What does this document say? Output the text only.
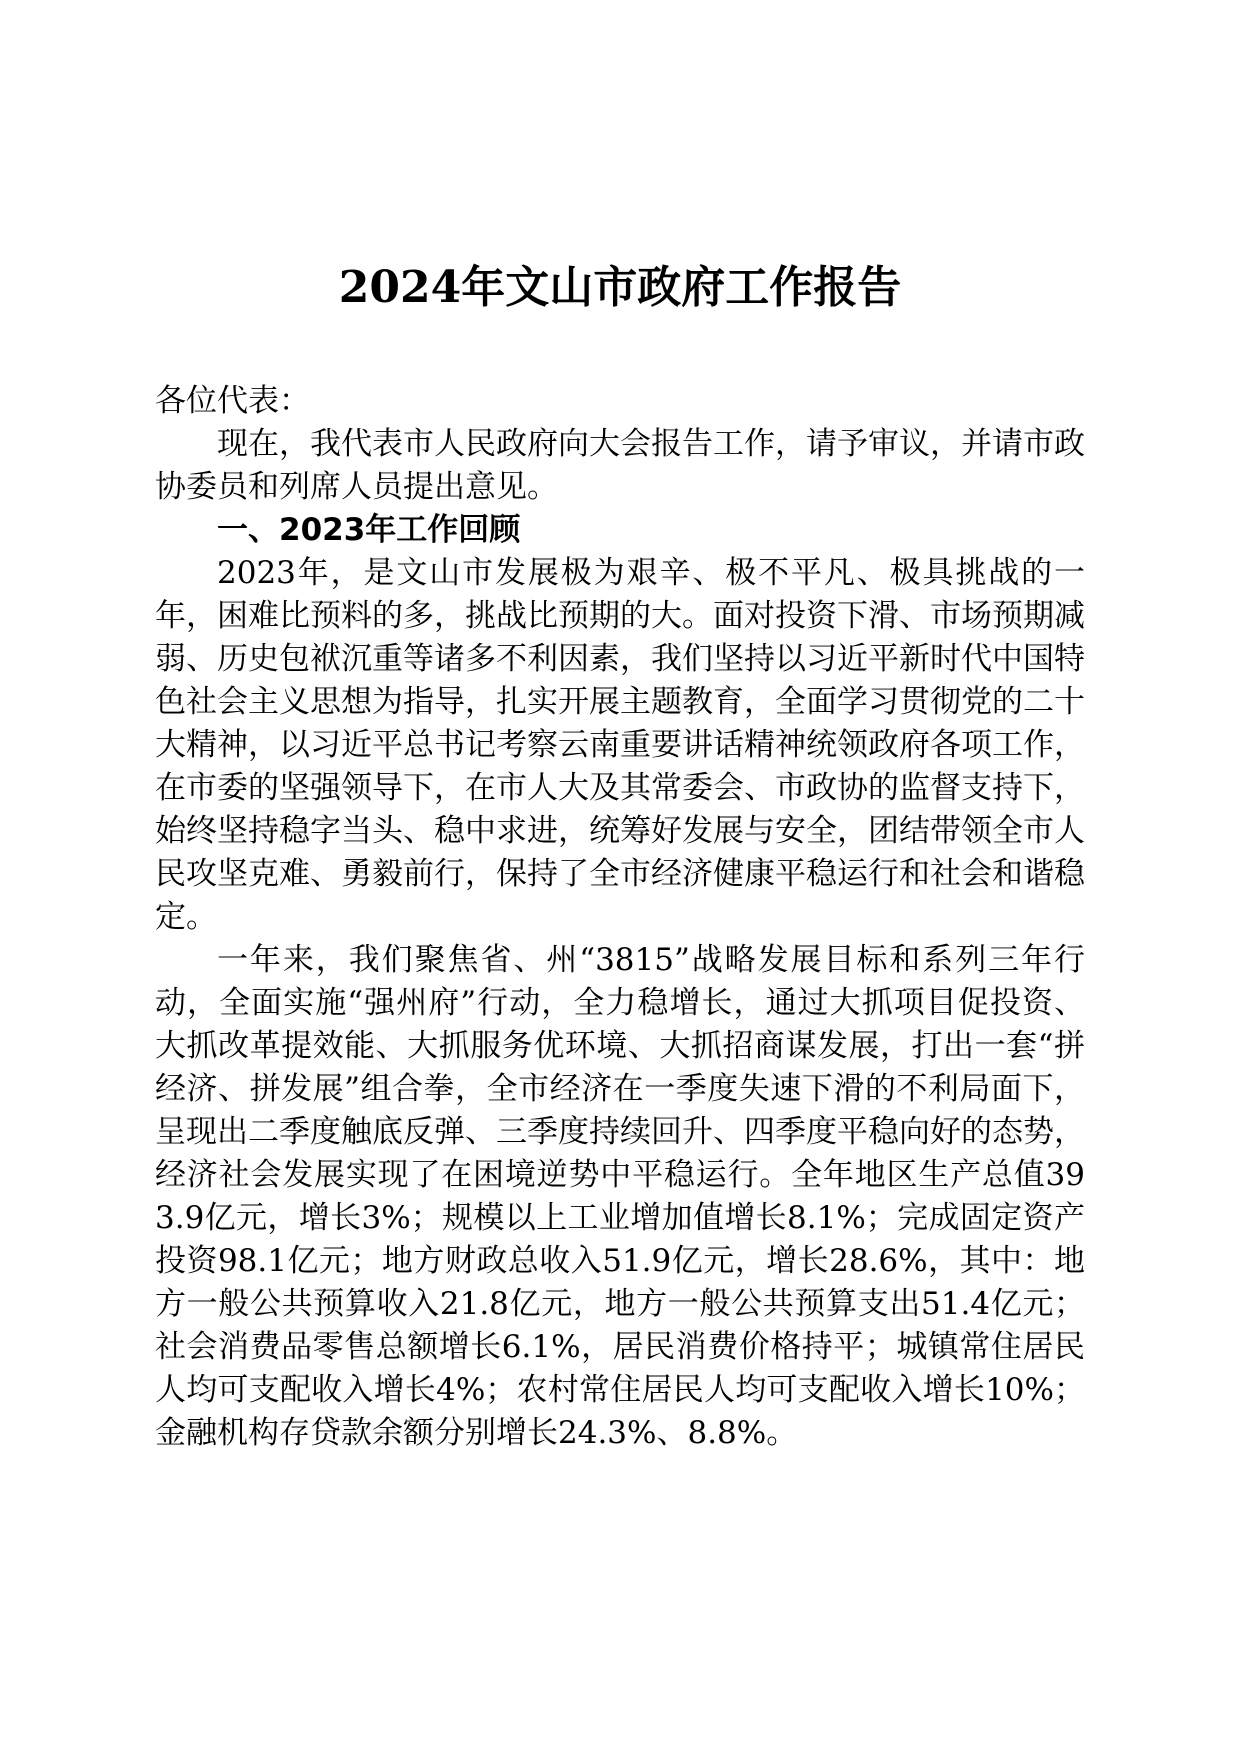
2024年文山市政府工作报告

各位代表：

现在，我代表市人民政府向大会报告工作，请予审议，并请市政协委员和列席人员提出意见。

一、2023年工作回顾

2023年，是文山市发展极为艰辛、极不平凡、极具挑战的一年，困难比预料的多，挑战比预期的大。面对投资下滑、市场预期减弱、历史包袱沉重等诸多不利因素，我们坚持以习近平新时代中国特色社会主义思想为指导，扎实开展主题教育，全面学习贯彻党的二十大精神，以习近平总书记考察云南重要讲话精神统领政府各项工作，在市委的坚强领导下，在市人大及其常委会、市政协的监督支持下，始终坚持稳字当头、稳中求进，统筹好发展与安全，团结带领全市人民攻坚克难、勇毅前行，保持了全市经济健康平稳运行和社会和谐稳定。

一年来，我们聚焦省、州“3815”战略发展目标和系列三年行动，全面实施“强州府”行动，全力稳增长，通过大抓项目促投资、大抓改革提效能、大抓服务优环境、大抓招商谋发展，打出一套“拼经济、拼发展”组合拳，全市经济在一季度失速下滑的不利局面下，呈现出二季度触底反弹、三季度持续回升、四季度平稳向好的态势，经济社会发展实现了在困境逆势中平稳运行。全年地区生产总值393.9亿元，增长3%；规模以上工业增加值增长8.1%；完成固定资产投资98.1亿元；地方财政总收入51.9亿元，增长28.6%，其中：地方一般公共预算收入21.8亿元，地方一般公共预算支出51.4亿元；社会消费品零售总额增长6.1%，居民消费价格持平；城镇常住居民人均可支配收入增长4%；农村常住居民人均可支配收入增长10%；金融机构存贷款余额分别增长24.3%、8.8%。
